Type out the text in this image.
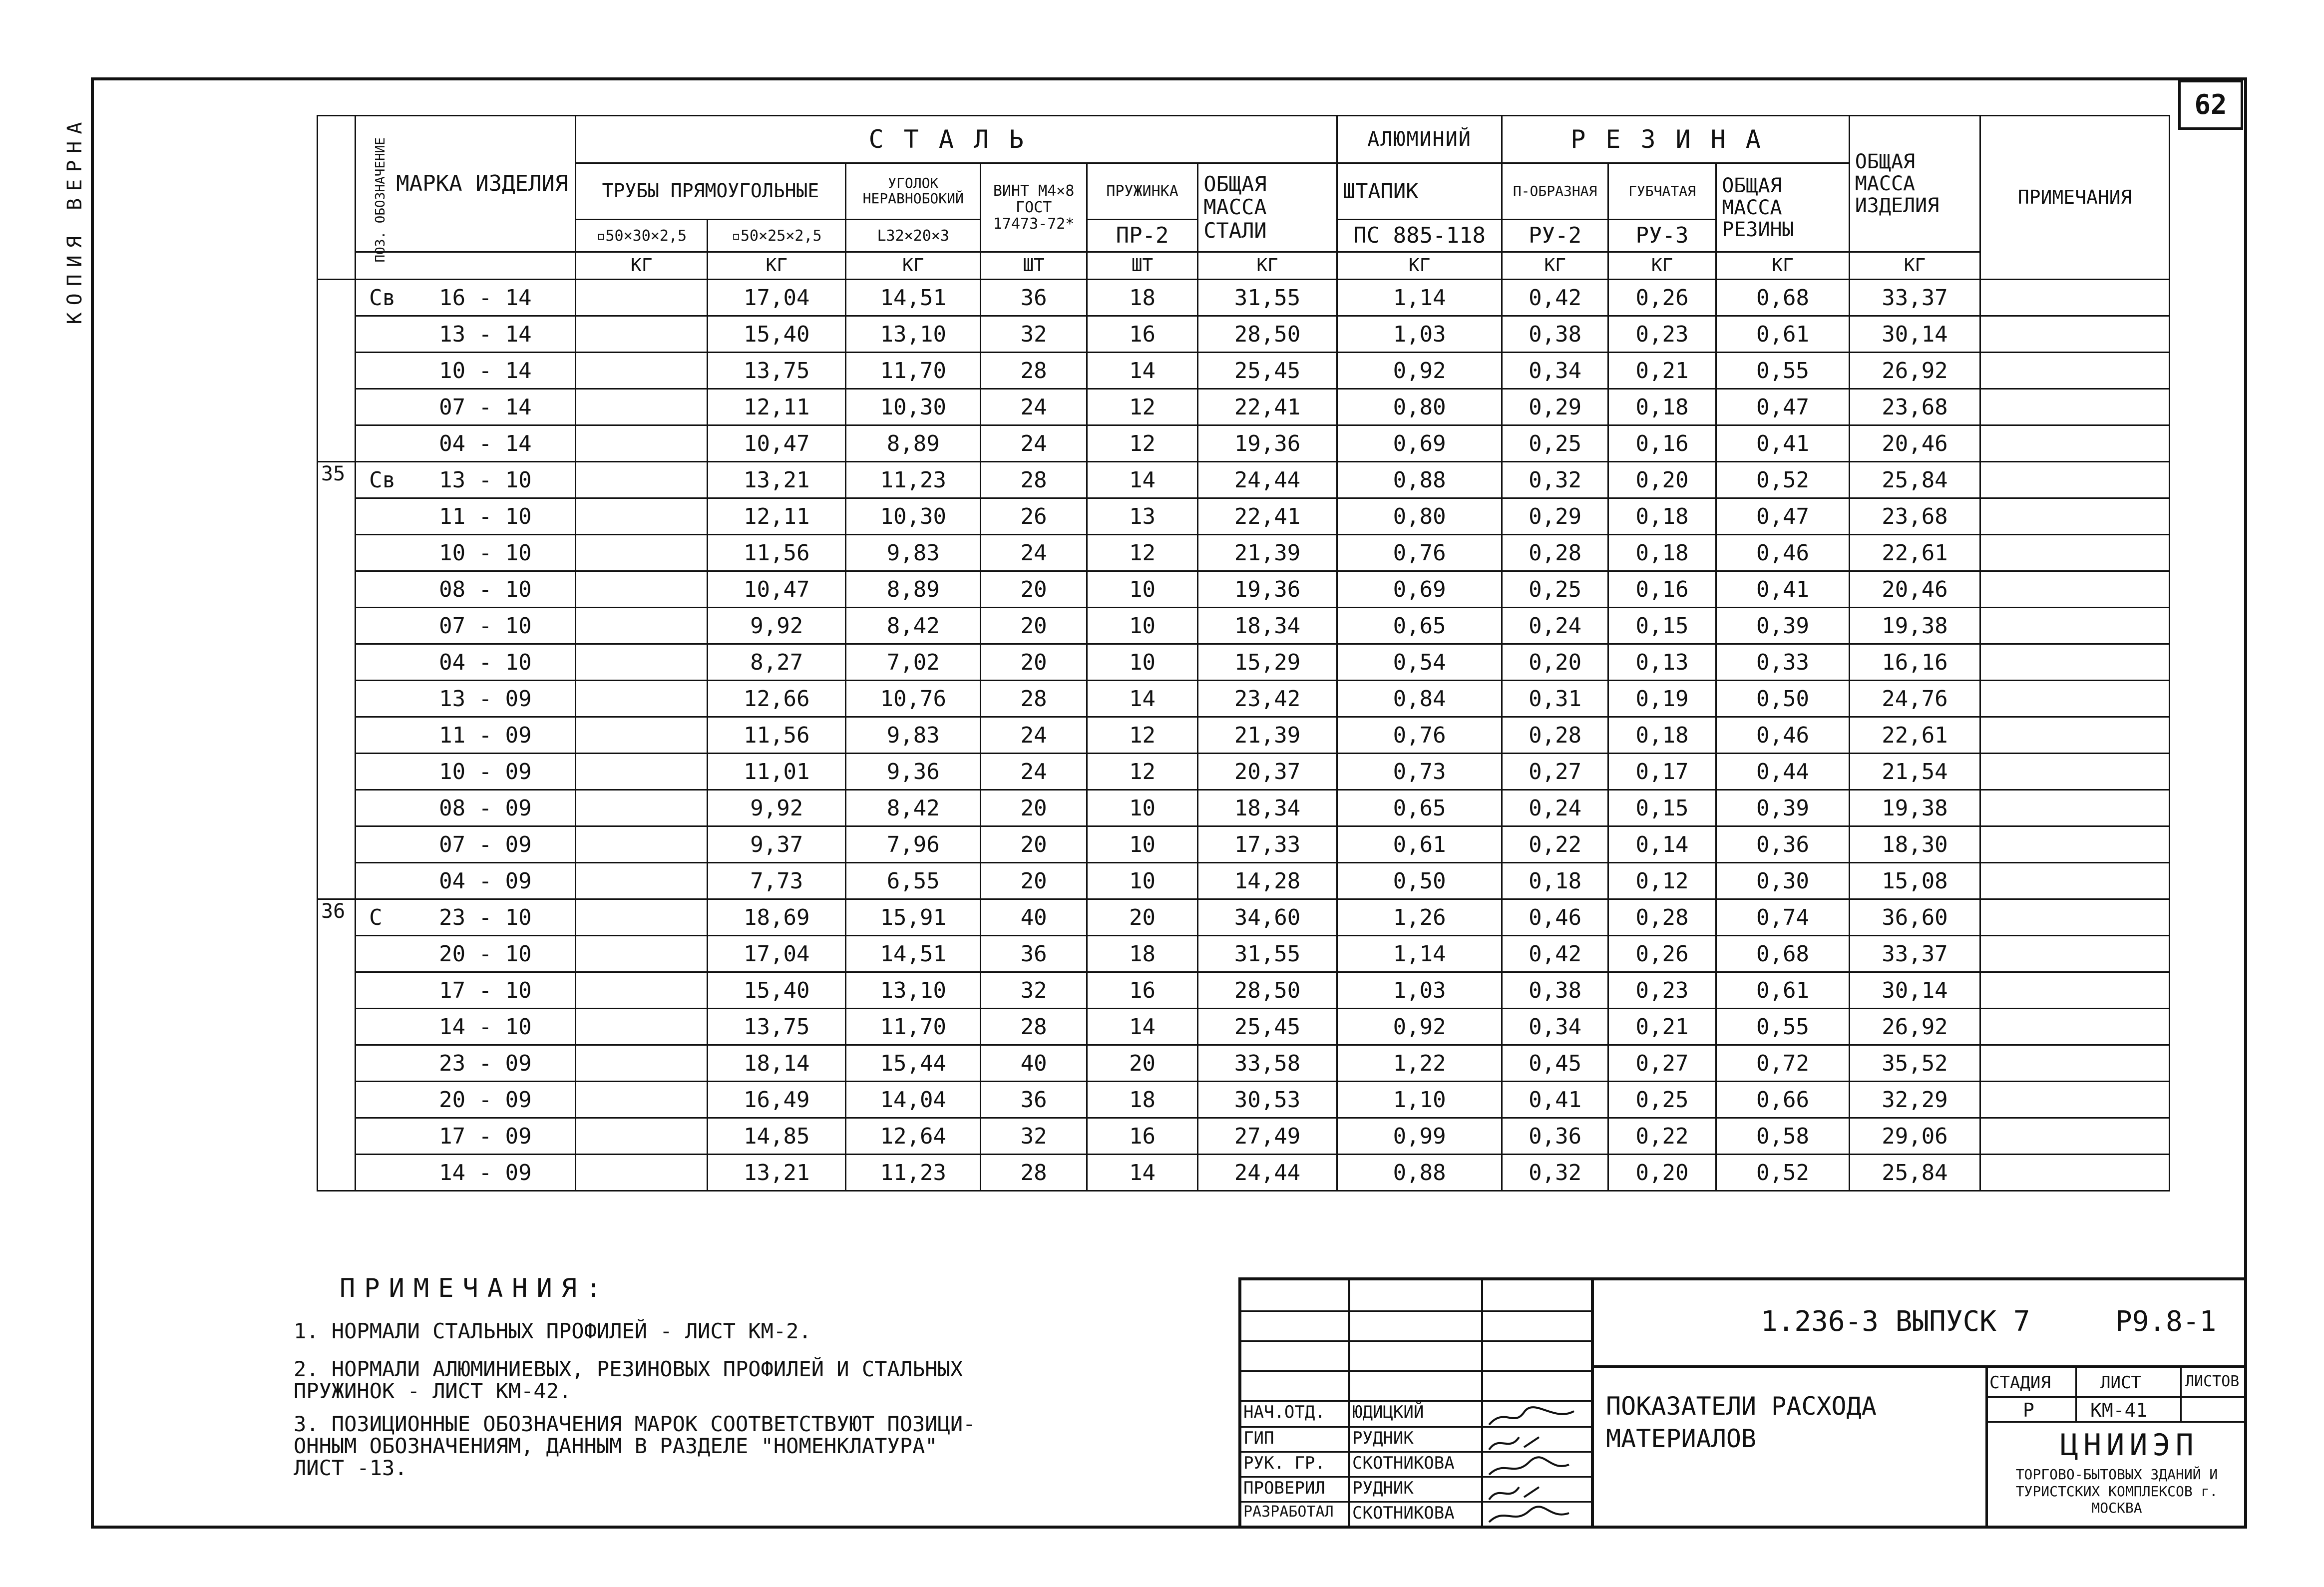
КОПИЯ ВЕРНА
62
ПОЗ. ОБОЗНАЧЕНИЕ	МАРКА ИЗДЕЛИЯ	СТАЛЬ						АЛЮМИНИЙ	РЕЗИНА			ОБЩАЯ МАССА ИЗДЕЛИЯ	ПРИМЕЧАНИЯ
		ТРУБЫ ПРЯМОУГОЛЬНЫЕ		УГОЛОК НЕРАВНОБОКИЙ	ВИНТ М4×8 ГОСТ 17473-72*	ПРУЖИНКА	ОБЩАЯ МАССА СТАЛИ	ШТАПИК	П-ОБРАЗНАЯ	ГУБЧАТАЯ	ОБЩАЯ МАССА РЕЗИНЫ		
		▫50×30×2,5	▫50×25×2,5	L32×20×3		ПР-2		ПС 885-118	РУ-2	РУ-3			
		КГ	КГ	КГ	ШТ	ШТ	КГ	КГ	КГ	КГ	КГ	КГ	
	Св 16 - 14		17,04	14,51	36	18	31,55	1,14	0,42	0,26	0,68	33,37	
	13 - 14		15,40	13,10	32	16	28,50	1,03	0,38	0,23	0,61	30,14	
	10 - 14		13,75	11,70	28	14	25,45	0,92	0,34	0,21	0,55	26,92	
	07 - 14		12,11	10,30	24	12	22,41	0,80	0,29	0,18	0,47	23,68	
	04 - 14		10,47	8,89	24	12	19,36	0,69	0,25	0,16	0,41	20,46	
35	Св 13 - 10		13,21	11,23	28	14	24,44	0,88	0,32	0,20	0,52	25,84	
	11 - 10		12,11	10,30	26	13	22,41	0,80	0,29	0,18	0,47	23,68	
	10 - 10		11,56	9,83	24	12	21,39	0,76	0,28	0,18	0,46	22,61	
	08 - 10		10,47	8,89	20	10	19,36	0,69	0,25	0,16	0,41	20,46	
	07 - 10		9,92	8,42	20	10	18,34	0,65	0,24	0,15	0,39	19,38	
	04 - 10		8,27	7,02	20	10	15,29	0,54	0,20	0,13	0,33	16,16	
	13 - 09		12,66	10,76	28	14	23,42	0,84	0,31	0,19	0,50	24,76	
	11 - 09		11,56	9,83	24	12	21,39	0,76	0,28	0,18	0,46	22,61	
	10 - 09		11,01	9,36	24	12	20,37	0,73	0,27	0,17	0,44	21,54	
	08 - 09		9,92	8,42	20	10	18,34	0,65	0,24	0,15	0,39	19,38	
	07 - 09		9,37	7,96	20	10	17,33	0,61	0,22	0,14	0,36	18,30	
	04 - 09		7,73	6,55	20	10	14,28	0,50	0,18	0,12	0,30	15,08	
36	С 23 - 10		18,69	15,91	40	20	34,60	1,26	0,46	0,28	0,74	36,60	
	20 - 10		17,04	14,51	36	18	31,55	1,14	0,42	0,26	0,68	33,37	
	17 - 10		15,40	13,10	32	16	28,50	1,03	0,38	0,23	0,61	30,14	
	14 - 10		13,75	11,70	28	14	25,45	0,92	0,34	0,21	0,55	26,92	
	23 - 09		18,14	15,44	40	20	33,58	1,22	0,45	0,27	0,72	35,52	
	20 - 09		16,49	14,04	36	18	30,53	1,10	0,41	0,25	0,66	32,29	
	17 - 09		14,85	12,64	32	16	27,49	0,99	0,36	0,22	0,58	29,06	
	14 - 09		13,21	11,23	28	14	24,44	0,88	0,32	0,20	0,52	25,84	
ПРИМЕЧАНИЯ:
1. НОРМАЛИ СТАЛЬНЫХ ПРОФИЛЕЙ - ЛИСТ КМ-2.
2. НОРМАЛИ АЛЮМИНИЕВЫХ, РЕЗИНОВЫХ ПРОФИЛЕЙ И СТАЛЬНЫХ
ПРУЖИНОК - ЛИСТ КМ-42.
3. ПОЗИЦИОННЫЕ ОБОЗНАЧЕНИЯ МАРОК СООТВЕТСТВУЮТ ПОЗИЦИ-
ОННЫМ ОБОЗНАЧЕНИЯМ, ДАННЫМ В РАЗДЕЛЕ "НОМЕНКЛАТУРА"
ЛИСТ -13.
НАЧ.ОТД. ЮДИЦКИЙ
ГИП	РУДНИК
РУК. ГР. СКОТНИКОВА
ПРОВЕРИЛ РУДНИК
РАЗРАБОТАЛ СКОТНИКОВА
1.236-3 ВЫПУСК 7	Р9.8-1
ПОКАЗАТЕЛИ РАСХОДА МАТЕРИАЛОВ
СТАДИЯ	ЛИСТ	ЛИСТОВ
Р	КМ-41
ЦНИИЭП
ТОРГОВО-БЫТОВЫХ ЗДАНИЙ И ТУРИСТСКИХ КОМПЛЕКСОВ г. МОСКВА
